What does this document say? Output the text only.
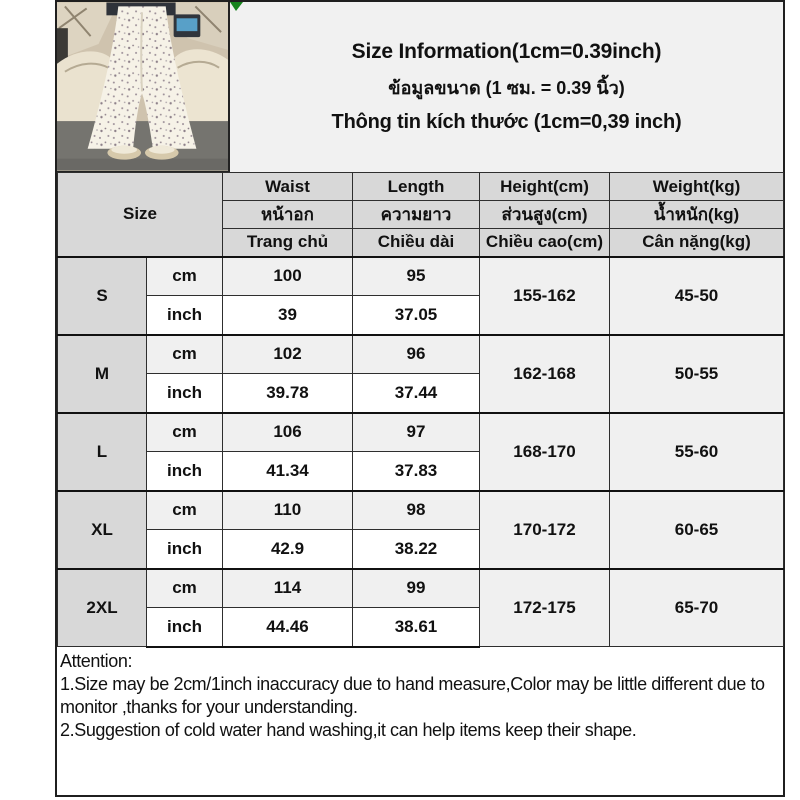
Size Information(1cm=0.39inch)
ข้อมูลขนาด (1 ซม. = 0.39 นิ้ว)
Thông tin kích thước (1cm=0,39 inch)
Size		Waist	Length	Height(cm)	Weight(kg)
		หน้าอก	ความยาว	ส่วนสูง(cm)	น้ำหนัก(kg)
		Trang chủ	Chiều dài	Chiều cao(cm)	Cân nặng(kg)
S	cm	100	95	155-162	45-50
	inch	39	37.05		
M	cm	102	96	162-168	50-55
	inch	39.78	37.44		
L	cm	106	97	168-170	55-60
	inch	41.34	37.83		
XL	cm	110	98	170-172	60-65
	inch	42.9	38.22		
2XL	cm	114	99	172-175	65-70
	inch	44.46	38.61		
Attention:
1.Size may be 2cm/1inch inaccuracy due to hand measure,Color may be little different due to monitor ,thanks for your understanding.
2.Suggestion of cold water hand washing,it can help items keep their shape.
